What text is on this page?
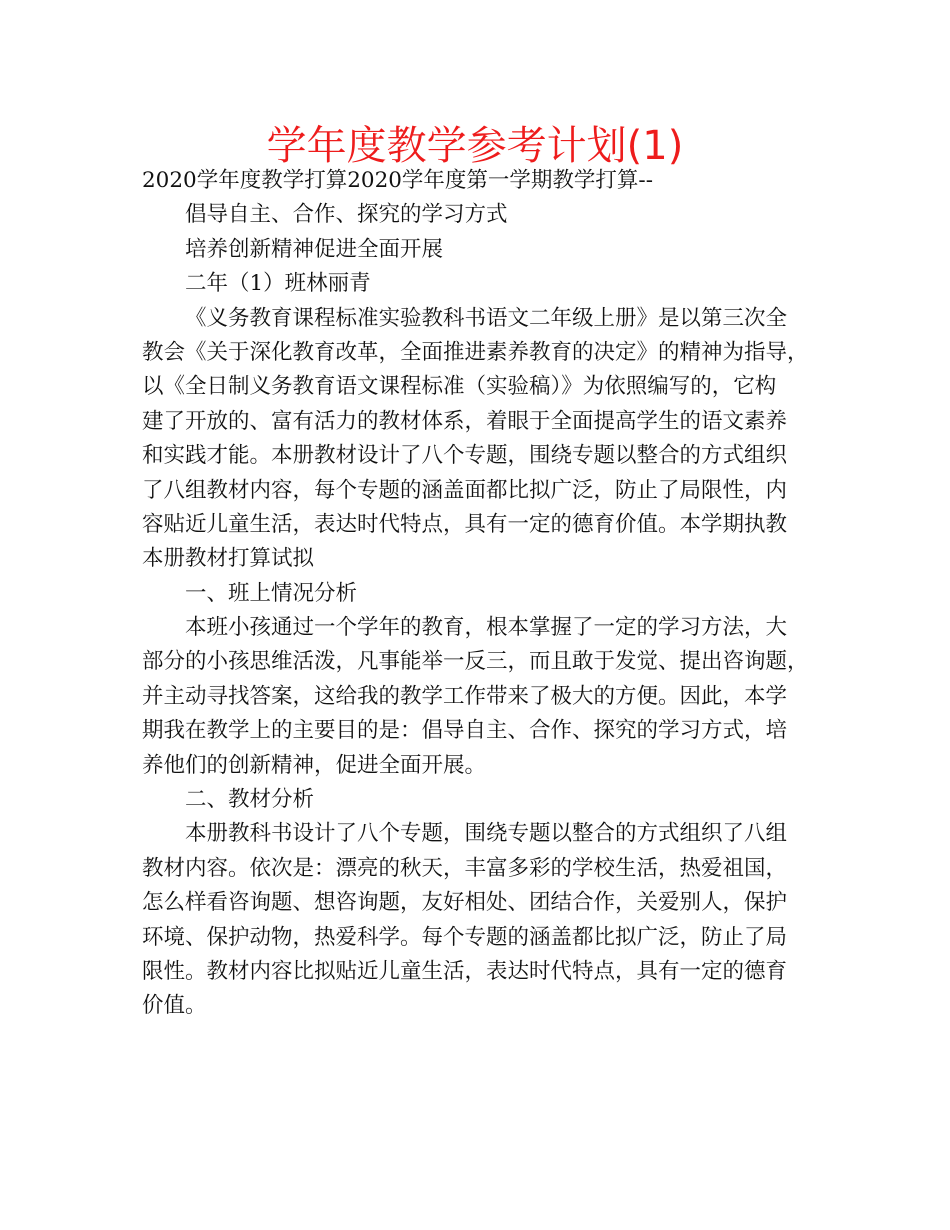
学年度教学参考计划(1)
2020学年度教学打算2020学年度第一学期教学打算--
倡导自主、合作、探究的学习方式
培养创新精神促进全面开展
二年（1）班林丽青
《义务教育课程标准实验教科书语文二年级上册》是以第三次全
教会《关于深化教育改革，全面推进素养教育的决定》的精神为指导，
以《全日制义务教育语文课程标准（实验稿）》为依照编写的，它构
建了开放的、富有活力的教材体系，着眼于全面提高学生的语文素养
和实践才能。本册教材设计了八个专题，围绕专题以整合的方式组织
了八组教材内容，每个专题的涵盖面都比拟广泛，防止了局限性，内
容贴近儿童生活，表达时代特点，具有一定的德育价值。本学期执教
本册教材打算试拟
一、班上情况分析
本班小孩通过一个学年的教育，根本掌握了一定的学习方法，大
部分的小孩思维活泼，凡事能举一反三，而且敢于发觉、提出咨询题，
并主动寻找答案，这给我的教学工作带来了极大的方便。因此，本学
期我在教学上的主要目的是：倡导自主、合作、探究的学习方式，培
养他们的创新精神，促进全面开展。
二、教材分析
本册教科书设计了八个专题，围绕专题以整合的方式组织了八组
教材内容。依次是：漂亮的秋天，丰富多彩的学校生活，热爱祖国，
怎么样看咨询题、想咨询题，友好相处、团结合作，关爱别人，保护
环境、保护动物，热爱科学。每个专题的涵盖都比拟广泛，防止了局
限性。教材内容比拟贴近儿童生活，表达时代特点，具有一定的德育
价值。
